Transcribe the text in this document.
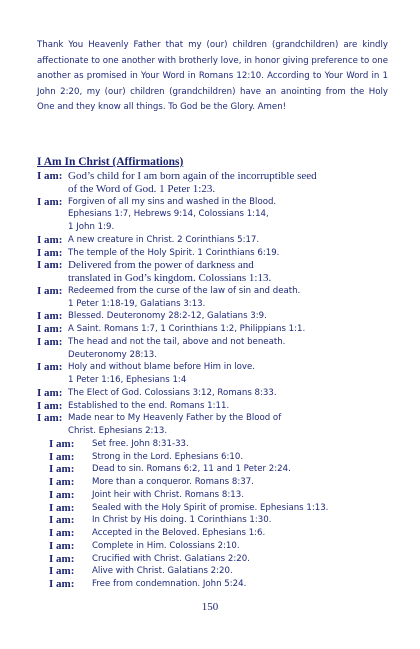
Thank You Heavenly Father that my (our) children (grandchildren) are kindly affectionate to one another with brotherly love, in honor giving preference to one another as promised in Your Word in Romans 12:10. According to Your Word in 1 John 2:20, my (our) children (grandchildren) have an anointing from the Holy One and they know all things. To God be the Glory. Amen!

I Am In Christ (Affirmations)
I am: God’s child for I am born again of the incorruptible seed
of the Word of God. 1 Peter 1:23.
I am: Forgiven of all my sins and washed in the Blood.
Ephesians 1:7, Hebrews 9:14, Colossians 1:14,
1 John 1:9.
I am: A new creature in Christ. 2 Corinthians 5:17.
I am: The temple of the Holy Spirit. 1 Corinthians 6:19.
I am: Delivered from the power of darkness and
translated in God’s kingdom. Colossians 1:13.
I am: Redeemed from the curse of the law of sin and death.
1 Peter 1:18-19, Galatians 3:13.
I am: Blessed. Deuteronomy 28:2-12, Galatians 3:9.
I am: A Saint. Romans 1:7, 1 Corinthians 1:2, Philippians 1:1.
I am: The head and not the tail, above and not beneath.
Deuteronomy 28:13.
I am: Holy and without blame before Him in love.
1 Peter 1:16, Ephesians 1:4
I am: The Elect of God. Colossians 3:12, Romans 8:33.
I am: Established to the end. Romans 1:11.
I am: Made near to My Heavenly Father by the Blood of
Christ. Ephesians 2:13.
I am:	Set free. John 8:31-33.
I am:	Strong in the Lord. Ephesians 6:10.
I am:	Dead to sin. Romans 6:2, 11 and 1 Peter 2:24.
I am:	More than a conqueror. Romans 8:37.
I am:	Joint heir with Christ. Romans 8:13.
I am:	Sealed with the Holy Spirit of promise. Ephesians 1:13.
I am:	In Christ by His doing. 1 Corinthians 1:30.
I am:	Accepted in the Beloved. Ephesians 1:6.
I am:	Complete in Him. Colossians 2:10.
I am:	Crucified with Christ. Galatians 2:20.
I am:	Alive with Christ. Galatians 2:20.
I am:	Free from condemnation. John 5:24.
150
